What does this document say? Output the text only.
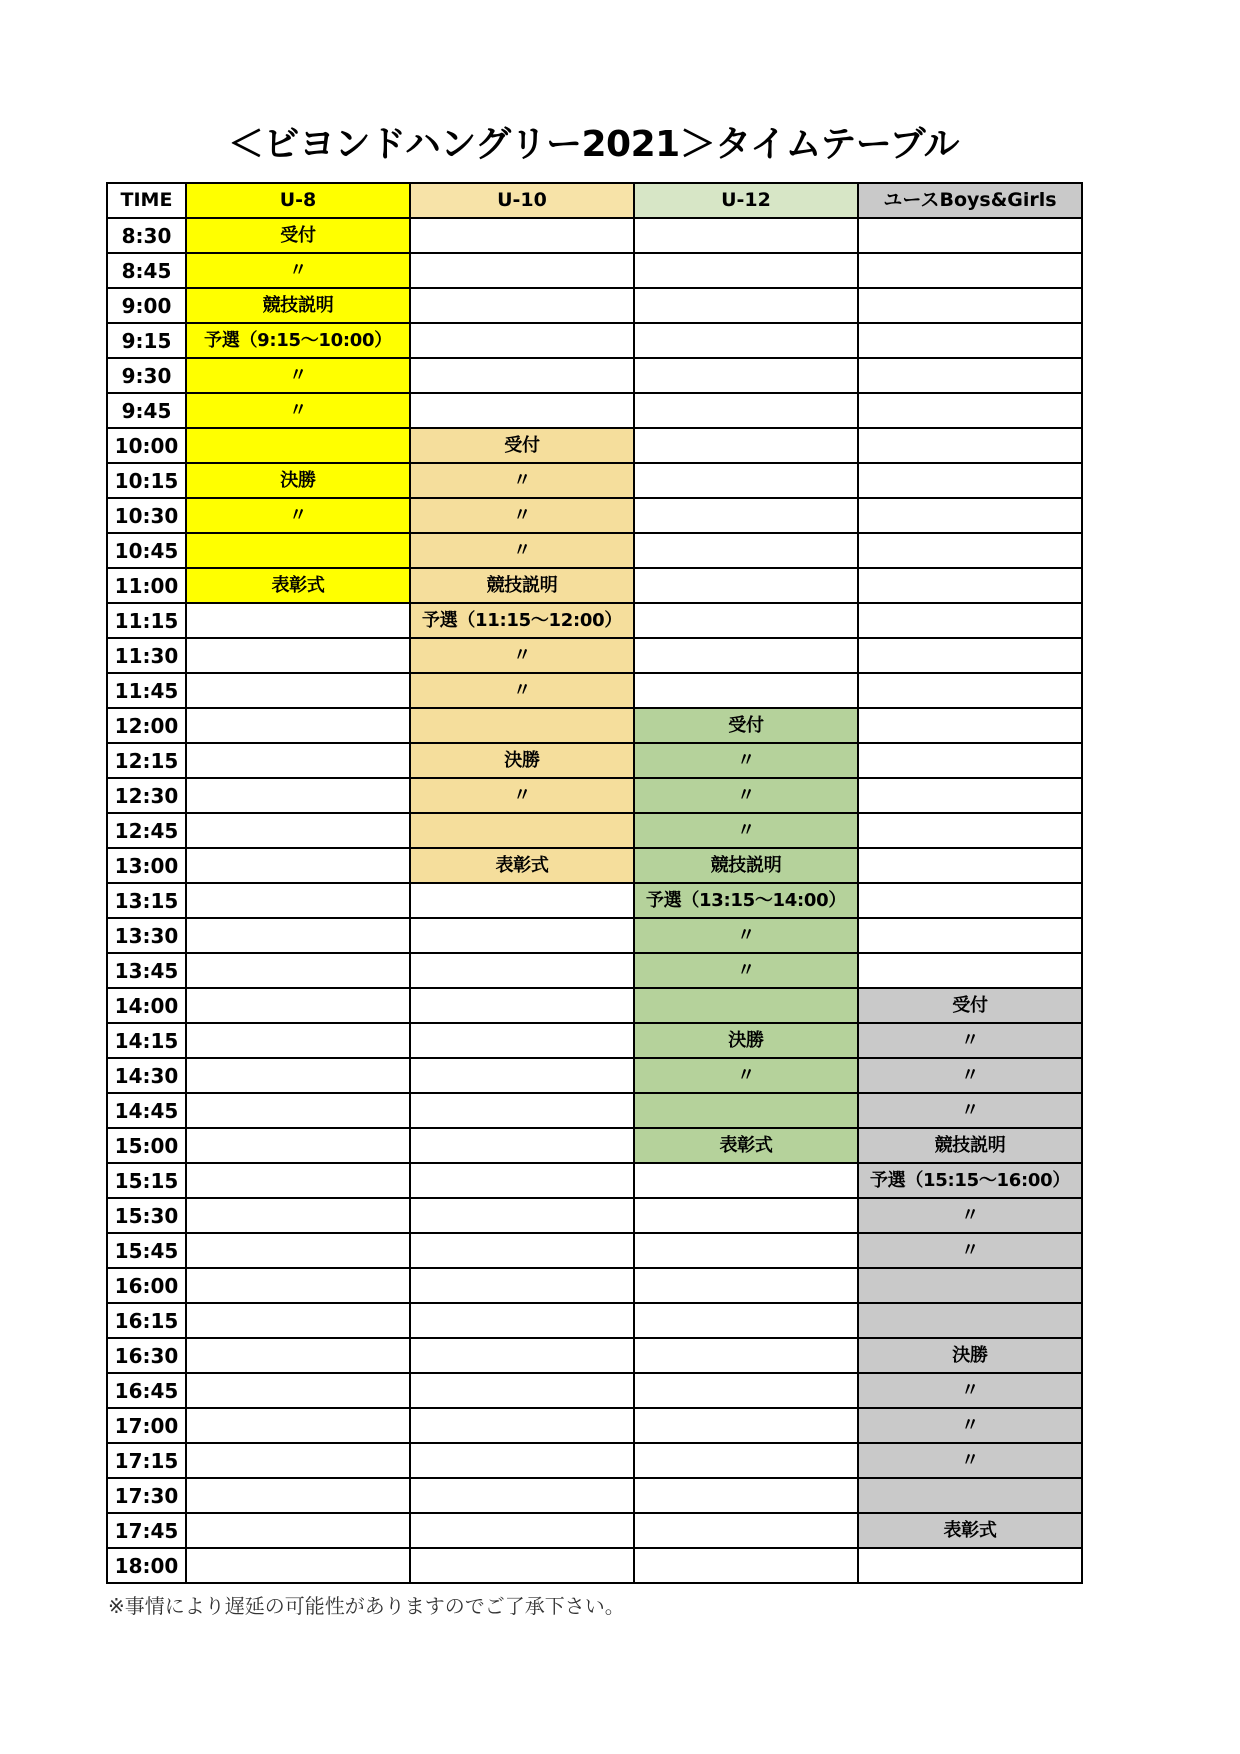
＜ビヨンドハングリー2021＞タイムテーブル
TIME	U-8	U-10	U-12	ユースBoys&Girls
8:30	受付			
8:45	〃			
9:00	競技説明			
9:15	予選（9:15～10:00）			
9:30	〃			
9:45	〃			
10:00		受付		
10:15	決勝	〃		
10:30	〃	〃		
10:45		〃		
11:00	表彰式	競技説明		
11:15		予選（11:15～12:00）		
11:30		〃		
11:45		〃		
12:00			受付	
12:15		決勝	〃	
12:30		〃	〃	
12:45			〃	
13:00		表彰式	競技説明	
13:15			予選（13:15～14:00）	
13:30			〃	
13:45			〃	
14:00				受付
14:15			決勝	〃
14:30			〃	〃
14:45				〃
15:00			表彰式	競技説明
15:15				予選（15:15～16:00）
15:30				〃
15:45				〃
16:00				
16:15				
16:30				決勝
16:45				〃
17:00				〃
17:15				〃
17:30				
17:45				表彰式
18:00				
※事情により遅延の可能性がありますのでご了承下さい。
